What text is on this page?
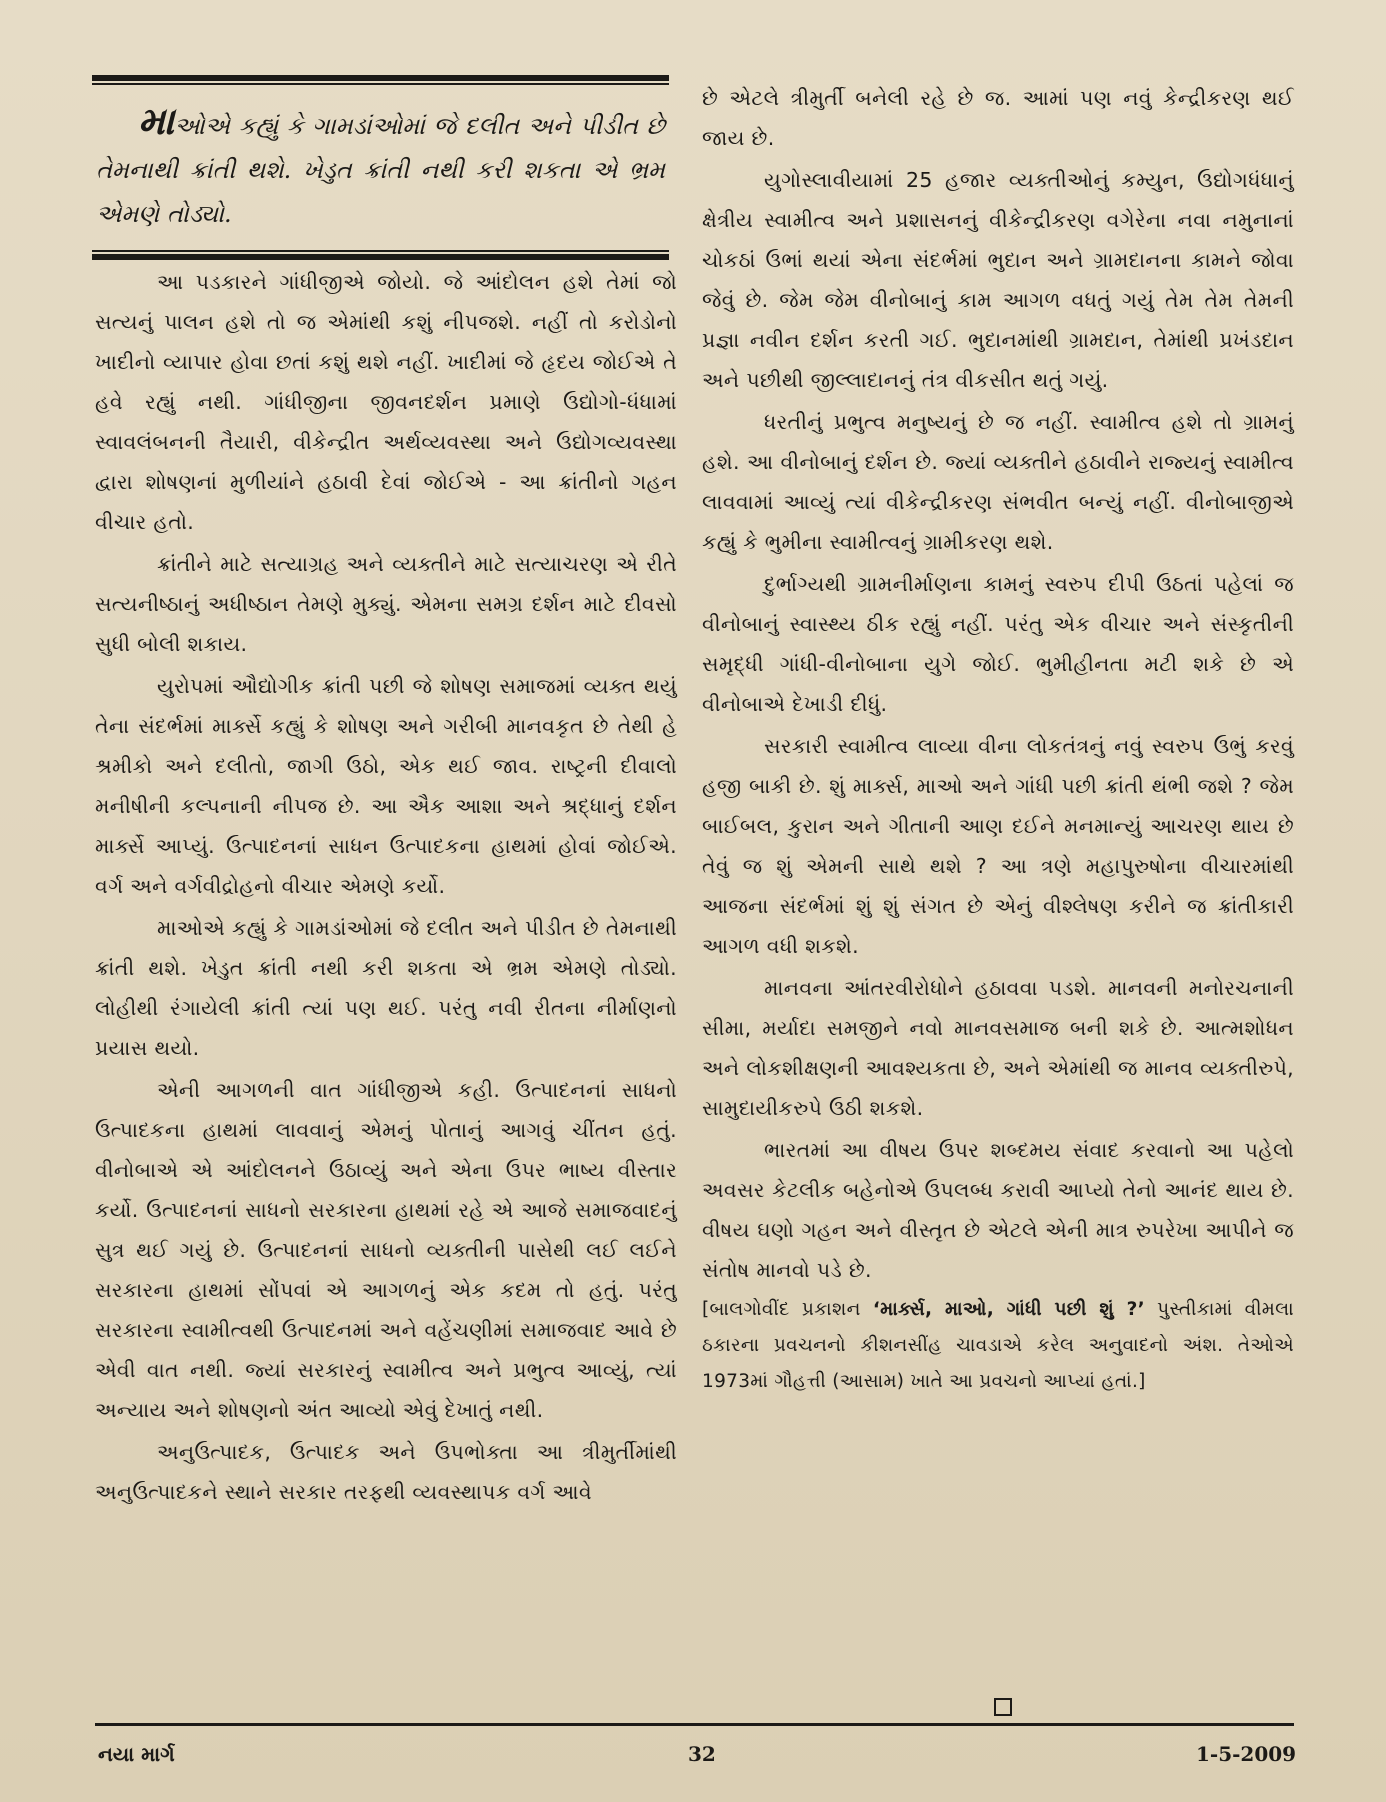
માઓએ કહ્યું કે ગામડાંઓમાં જે દલીત અને પીડીત છે તેમનાથી ક્રાંતી થશે. ખેડુત ક્રાંતી નથી કરી શકતા એ ભ્રમ એમણે તોડ્યો.

આ પડકારને ગાંધીજીએ જોયો. જે આંદોલન હશે તેમાં જો સત્યનું પાલન હશે તો જ એમાંથી કશું નીપજશે. નહીં તો કરોડોનો ખાદીનો વ્યાપાર હોવા છતાં કશું થશે નહીં. ખાદીમાં જે હૃદય જોઈએ તે હવે રહ્યું નથી. ગાંધીજીના જીવનદર્શન પ્રમાણે ઉદ્યોગો-ધંધામાં સ્વાવલંબનની તૈયારી, વીકેન્દ્રીત અર્થવ્યવસ્થા અને ઉદ્યોગવ્યવસ્થા દ્વારા શોષણનાં મુળીયાંને હઠાવી દેવાં જોઈએ - આ ક્રાંતીનો ગહન વીચાર હતો.

ક્રાંતીને માટે સત્યાગ્રહ અને વ્યક્તીને માટે સત્યાચરણ એ રીતે સત્યનીષ્ઠાનું અધીષ્ઠાન તેમણે મુક્યું. એમના સમગ્ર દર્શન માટે દીવસો સુધી બોલી શકાય.

યુરોપમાં ઔદ્યોગીક ક્રાંતી પછી જે શોષણ સમાજમાં વ્યક્ત થયું તેના સંદર્ભમાં માર્ક્સે કહ્યું કે શોષણ અને ગરીબી માનવકૃત છે તેથી હે શ્રમીકો અને દલીતો, જાગી ઉઠો, એક થઈ જાવ. રાષ્ટ્રની દીવાલો મનીષીની કલ્પનાની નીપજ છે. આ ઐક આશા અને શ્રદ્ધાનું દર્શન માર્ક્સે આપ્યું. ઉત્પાદનનાં સાધન ઉત્પાદકના હાથમાં હોવાં જોઈએ. વર્ગ અને વર્ગવીદ્રોહનો વીચાર એમણે કર્યો.

માઓએ કહ્યું કે ગામડાંઓમાં જે દલીત અને પીડીત છે તેમનાથી ક્રાંતી થશે. ખેડુત ક્રાંતી નથી કરી શકતા એ ભ્રમ એમણે તોડ્યો. લોહીથી રંગાયેલી ક્રાંતી ત્યાં પણ થઈ. પરંતુ નવી રીતના નીર્માણનો પ્રયાસ થયો.

એની આગળની વાત ગાંધીજીએ કહી. ઉત્પાદનનાં સાધનો ઉત્પાદકના હાથમાં લાવવાનું એમનું પોતાનું આગવું ચીંતન હતું. વીનોબાએ એ આંદોલનને ઉઠાવ્યું અને એના ઉપર ભાષ્ય વીસ્તાર કર્યો. ઉત્પાદનનાં સાધનો સરકારના હાથમાં રહે એ આજે સમાજવાદનું સુત્ર થઈ ગયું છે. ઉત્પાદનનાં સાધનો વ્યક્તીની પાસેથી લઈ લઈને સરકારના હાથમાં સોંપવાં એ આગળનું એક કદમ તો હતું. પરંતુ સરકારના સ્વામીત્વથી ઉત્પાદનમાં અને વહેંચણીમાં સમાજવાદ આવે છે એવી વાત નથી. જ્યાં સરકારનું સ્વામીત્વ અને પ્રભુત્વ આવ્યું, ત્યાં અન્યાય અને શોષણનો અંત આવ્યો એવું દેખાતું નથી.

અનુઉત્પાદક, ઉત્પાદક અને ઉપભોક્તા આ ત્રીમુર્તીમાંથી અનુઉત્પાદકને સ્થાને સરકાર તરફથી વ્યવસ્થાપક વર્ગ આવે

છે એટલે ત્રીમુર્તી બનેલી રહે છે જ. આમાં પણ નવું કેન્દ્રીકરણ થઈ જાય છે.

યુગોસ્લાવીયામાં 25 હજાર વ્યક્તીઓનું કમ્યુન, ઉદ્યોગધંધાનું ક્ષેત્રીય સ્વામીત્વ અને પ્રશાસનનું વીકેન્દ્રીકરણ વગેરેના નવા નમુનાનાં ચોકઠાં ઉભાં થયાં એના સંદર્ભમાં ભુદાન અને ગ્રામદાનના કામને જોવા જેવું છે. જેમ જેમ વીનોબાનું કામ આગળ વધતું ગયું તેમ તેમ તેમની પ્રજ્ઞા નવીન દર્શન કરતી ગઈ. ભુદાનમાંથી ગ્રામદાન, તેમાંથી પ્રખંડદાન અને પછીથી જીલ્લાદાનનું તંત્ર વીકસીત થતું ગયું.

ધરતીનું પ્રભુત્વ મનુષ્યનું છે જ નહીં. સ્વામીત્વ હશે તો ગ્રામનું હશે. આ વીનોબાનું દર્શન છે. જ્યાં વ્યક્તીને હઠાવીને રાજ્યનું સ્વામીત્વ લાવવામાં આવ્યું ત્યાં વીકેન્દ્રીકરણ સંભવીત બન્યું નહીં. વીનોબાજીએ કહ્યું કે ભુમીના સ્વામીત્વનું ગ્રામીકરણ થશે.

દુર્ભાગ્યથી ગ્રામનીર્માણના કામનું સ્વરુપ દીપી ઉઠતાં પહેલાં જ વીનોબાનું સ્વાસ્થ્ય ઠીક રહ્યું નહીં. પરંતુ એક વીચાર અને સંસ્કૃતીની સમૃદ્ધી ગાંધી-વીનોબાના યુગે જોઈ. ભુમીહીનતા મટી શકે છે એ વીનોબાએ દેખાડી દીધું.

સરકારી સ્વામીત્વ લાવ્યા વીના લોકતંત્રનું નવું સ્વરુપ ઉભું કરવું હજી બાકી છે. શું માર્ક્સ, માઓ અને ગાંધી પછી ક્રાંતી થંભી જશે ? જેમ બાઈબલ, કુરાન અને ગીતાની આણ દઈને મનમાન્યું આચરણ થાય છે તેવું જ શું એમની સાથે થશે ? આ ત્રણે મહાપુરુષોના વીચારમાંથી આજના સંદર્ભમાં શું શું સંગત છે એનું વીશ્લેષણ કરીને જ ક્રાંતીકારી આગળ વધી શકશે.

માનવના આંતરવીરોધોને હઠાવવા પડશે. માનવની મનોરચનાની સીમા, મર્યાદા સમજીને નવો માનવસમાજ બની શકે છે. આત્મશોધન અને લોકશીક્ષણની આવશ્યકતા છે, અને એમાંથી જ માનવ વ્યક્તીરુપે, સામુદાયીકરુપે ઉઠી શકશે.

ભારતમાં આ વીષય ઉપર શબ્દમય સંવાદ કરવાનો આ પહેલો અવસર કેટલીક બહેનોએ ઉપલબ્ધ કરાવી આપ્યો તેનો આનંદ થાય છે. વીષય ઘણો ગહન અને વીસ્તૃત છે એટલે એની માત્ર રુપરેખા આપીને જ સંતોષ માનવો પડે છે.

[બાલગોવીંદ પ્રકાશન ‘માર્ક્સ, માઓ, ગાંધી પછી શું ?’ પુસ્તીકામાં વીમલા ઠકારના પ્રવચનનો કીશનસીંહ ચાવડાએ કરેલ અનુવાદનો અંશ. તેઓએ 1973માં ગૌહત્તી (આસામ) ખાતે આ પ્રવચનો આપ્યાં હતાં.]

નયા માર્ગ	32	1-5-2009
